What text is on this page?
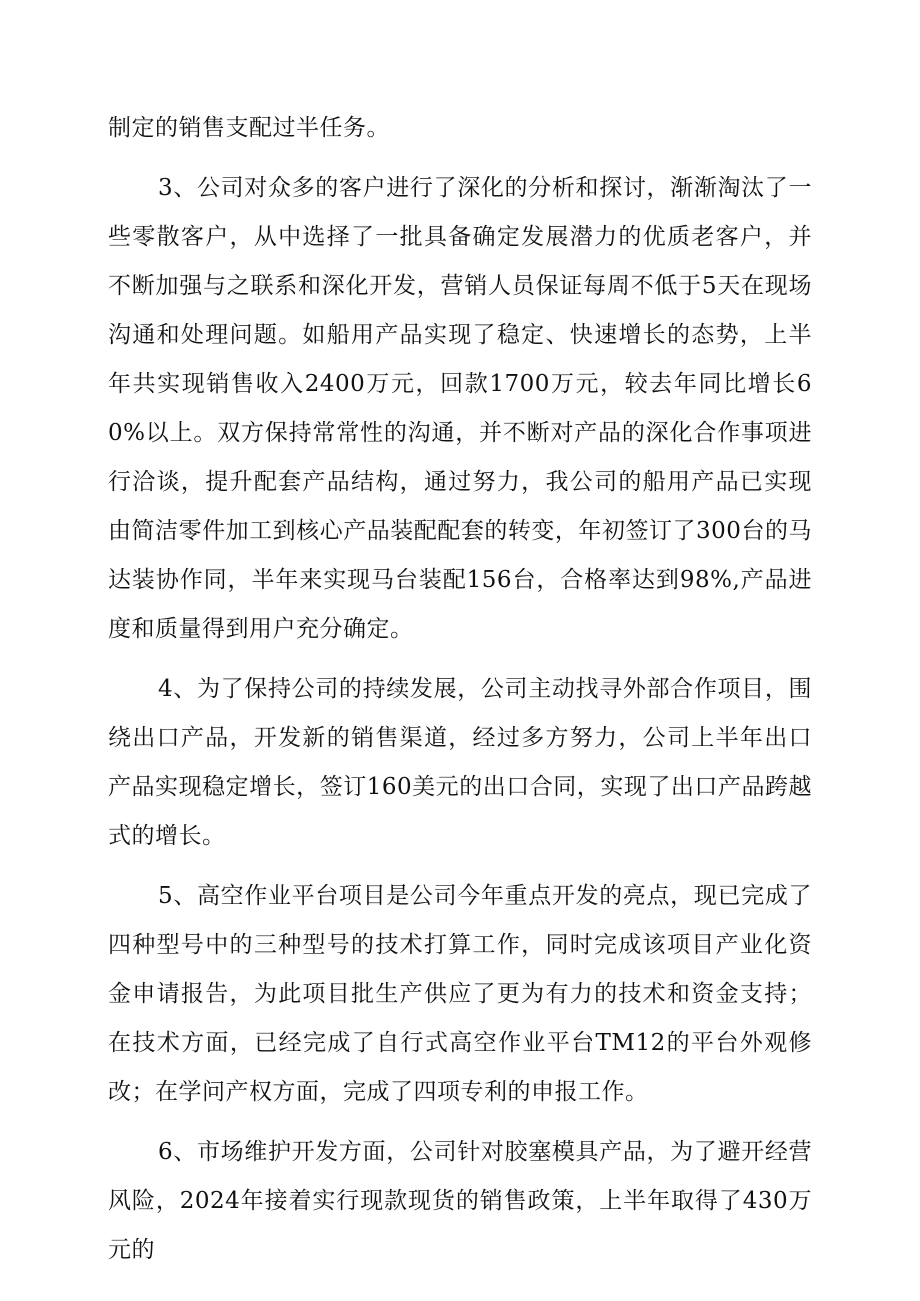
制定的销售支配过半任务。

3、公司对众多的客户进行了深化的分析和探讨，渐渐淘汰了一些零散客户，从中选择了一批具备确定发展潜力的优质老客户，并不断加强与之联系和深化开发，营销人员保证每周不低于5天在现场沟通和处理问题。如船用产品实现了稳定、快速增长的态势，上半年共实现销售收入2400万元，回款1700万元，较去年同比增长60%以上。双方保持常常性的沟通，并不断对产品的深化合作事项进行洽谈，提升配套产品结构，通过努力，我公司的船用产品已实现由简洁零件加工到核心产品装配配套的转变，年初签订了300台的马达装协作同，半年来实现马台装配156台，合格率达到98%,产品进度和质量得到用户充分确定。

4、为了保持公司的持续发展，公司主动找寻外部合作项目，围绕出口产品，开发新的销售渠道，经过多方努力，公司上半年出口产品实现稳定增长，签订160美元的出口合同，实现了出口产品跨越式的增长。

5、高空作业平台项目是公司今年重点开发的亮点，现已完成了四种型号中的三种型号的技术打算工作，同时完成该项目产业化资金申请报告，为此项目批生产供应了更为有力的技术和资金支持；在技术方面，已经完成了自行式高空作业平台TM12的平台外观修改；在学问产权方面，完成了四项专利的申报工作。

6、市场维护开发方面，公司针对胶塞模具产品，为了避开经营风险，2024年接着实行现款现货的销售政策，上半年取得了430万元的
